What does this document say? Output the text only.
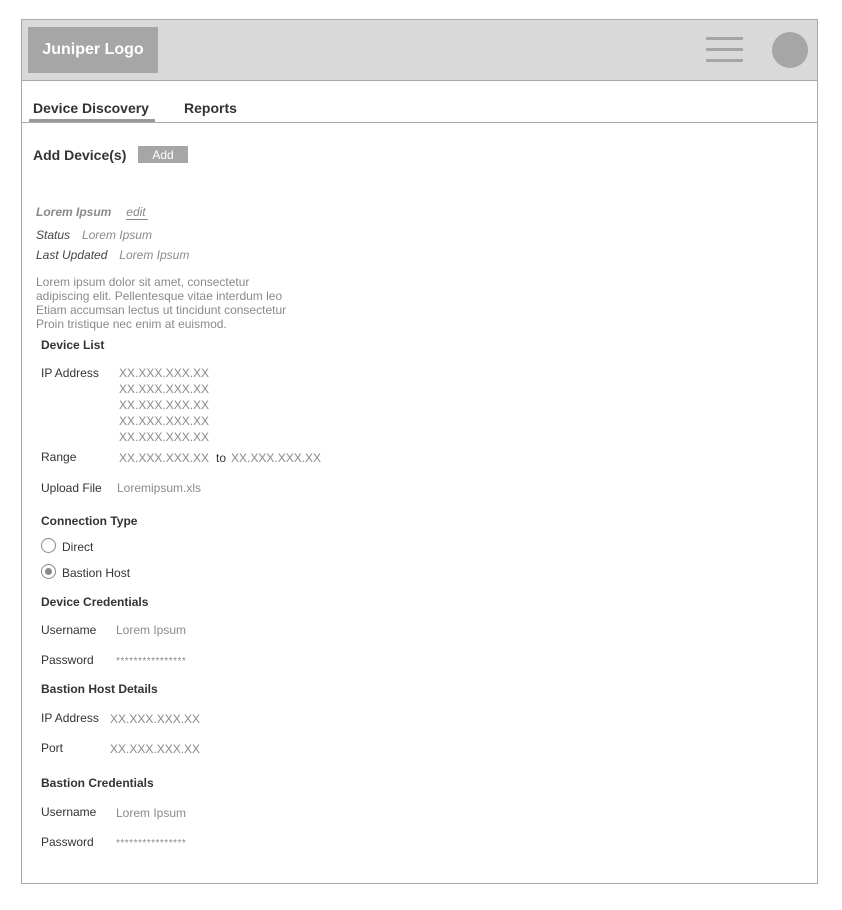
Juniper Logo
Device Discovery	Reports
Add Device(s)	Add
Lorem Ipsum edit
Status Lorem Ipsum
Last Updated Lorem Ipsum
Lorem ipsum dolor sit amet, consectetur
adipiscing elit. Pellentesque vitae interdum leo
Etiam accumsan lectus ut tincidunt consectetur
Proin tristique nec enim at euismod.
Device List
IP Address XX.XXX.XXX.XX
XX.XXX.XXX.XX
XX.XXX.XXX.XX
XX.XXX.XXX.XX
XX.XXX.XXX.XX
Range	XX.XXX.XXX.XX to XX.XXX.XXX.XX
Upload File Loremipsum.xls
Connection Type
Direct
Bastion Host
Device Credentials
Username Lorem Ipsum
Password ****************
Bastion Host Details
IP Address XX.XXX.XXX.XX
Port	XX.XXX.XXX.XX
Bastion Credentials
Username Lorem Ipsum
Password ****************
